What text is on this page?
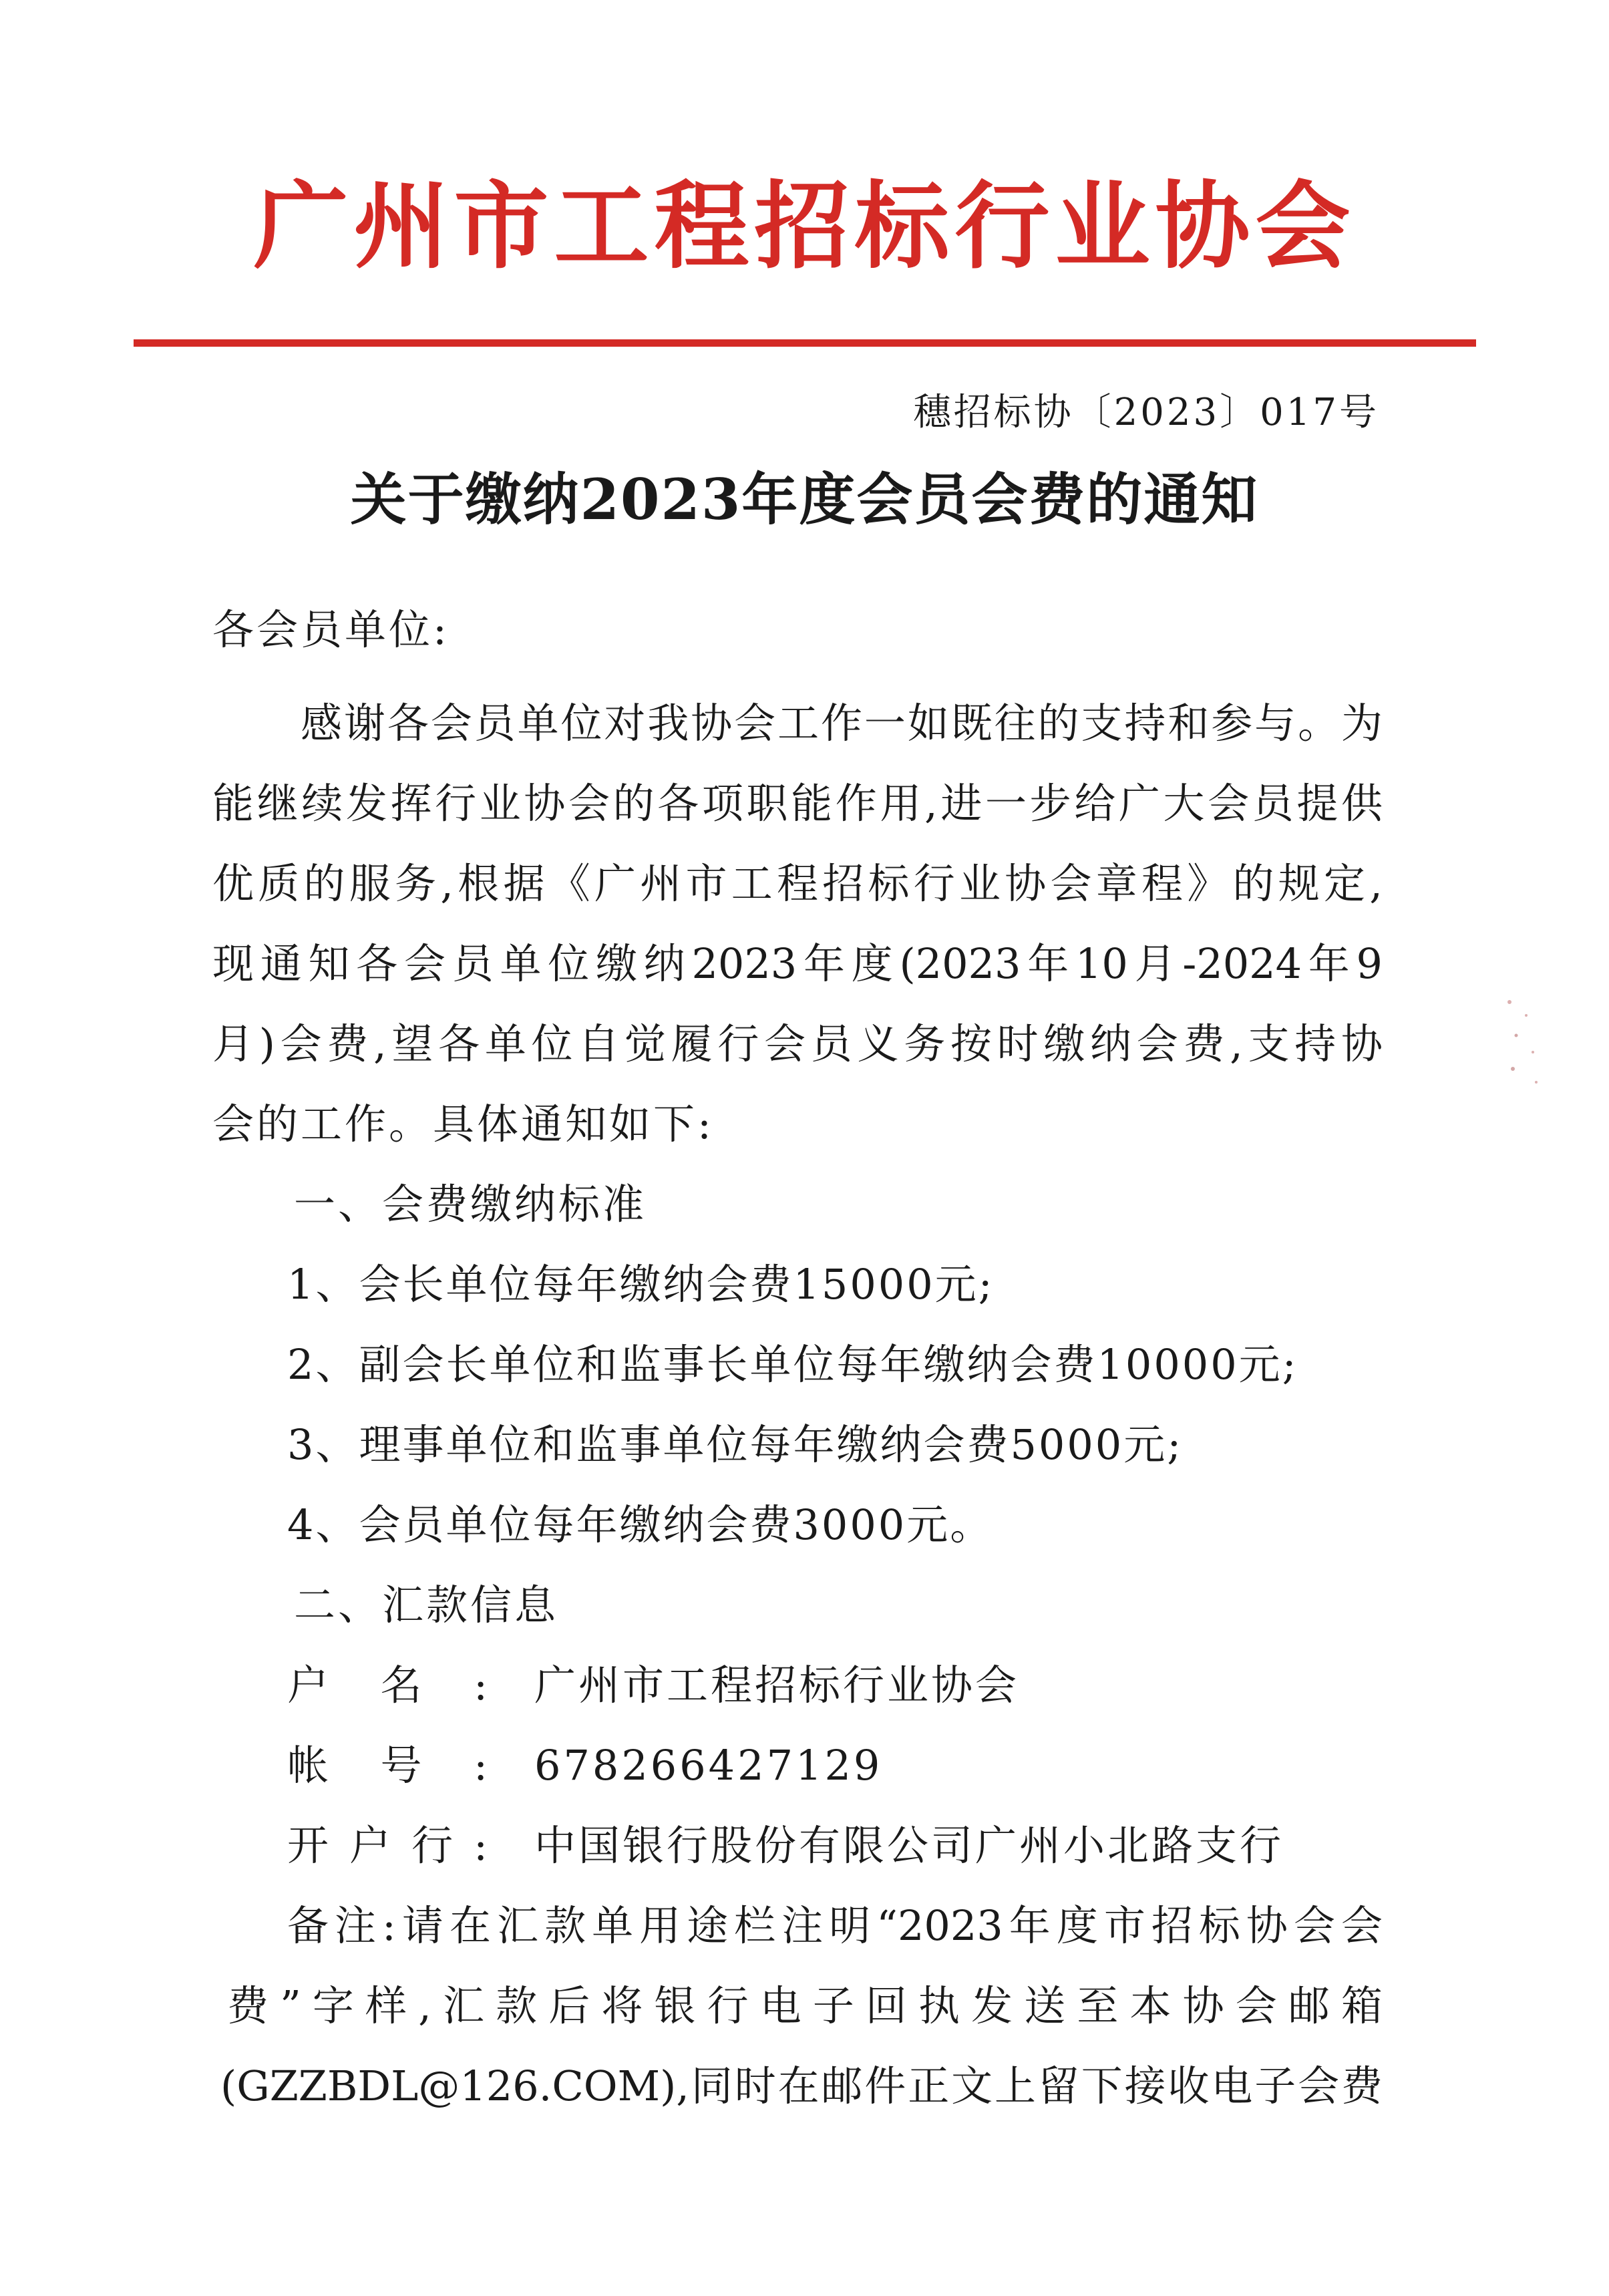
广州市工程招标行业协会
穗招标协〔2023〕017号
关于缴纳2023年度会员会费的通知
各会员单位:
感谢各会员单位对我协会工作一如既往的支持和参与。为
能继续发挥行业协会的各项职能作用,进一步给广大会员提供
优质的服务,根据《广州市工程招标行业协会章程》的规定,
现通知各会员单位缴纳2023年度(2023年10月-2024年9
月)会费,望各单位自觉履行会员义务按时缴纳会费,支持协
会的工作。具体通知如下:
一、会费缴纳标准
1、会长单位每年缴纳会费15000元;
2、副会长单位和监事长单位每年缴纳会费10000元;
3、理事单位和监事单位每年缴纳会费5000元;
4、会员单位每年缴纳会费3000元。
二、汇款信息
户名: 广州市工程招标行业协会
帐号: 678266427129
开户行: 中国银行股份有限公司广州小北路支行
备注:请在汇款单用途栏注明“2023年度市招标协会会
费”字样,汇款后将银行电子回执发送至本协会邮箱
(GZZBDL@126.COM),同时在邮件正文上留下接收电子会费
